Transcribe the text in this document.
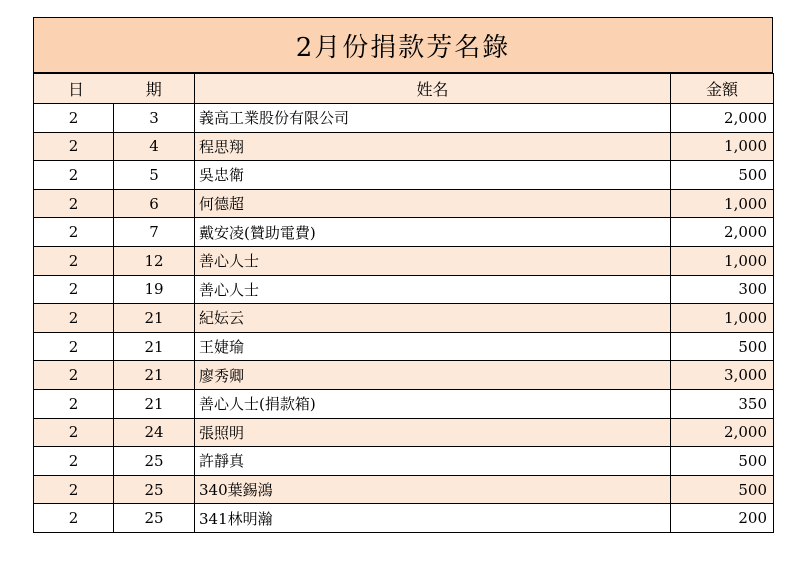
2月份捐款芳名錄
日	期	姓名	金額
2	3	義高工業股份有限公司	2,000
2	4	程思翔	1,000
2	5	吳忠衛	500
2	6	何德超	1,000
2	7	戴安凌(贊助電費)	2,000
2	12	善心人士	1,000
2	19	善心人士	300
2	21	紀妘云	1,000
2	21	王婕瑜	500
2	21	廖秀卿	3,000
2	21	善心人士(捐款箱)	350
2	24	張照明	2,000
2	25	許靜真	500
2	25	340葉錫鴻	500
2	25	341林明瀚	200
